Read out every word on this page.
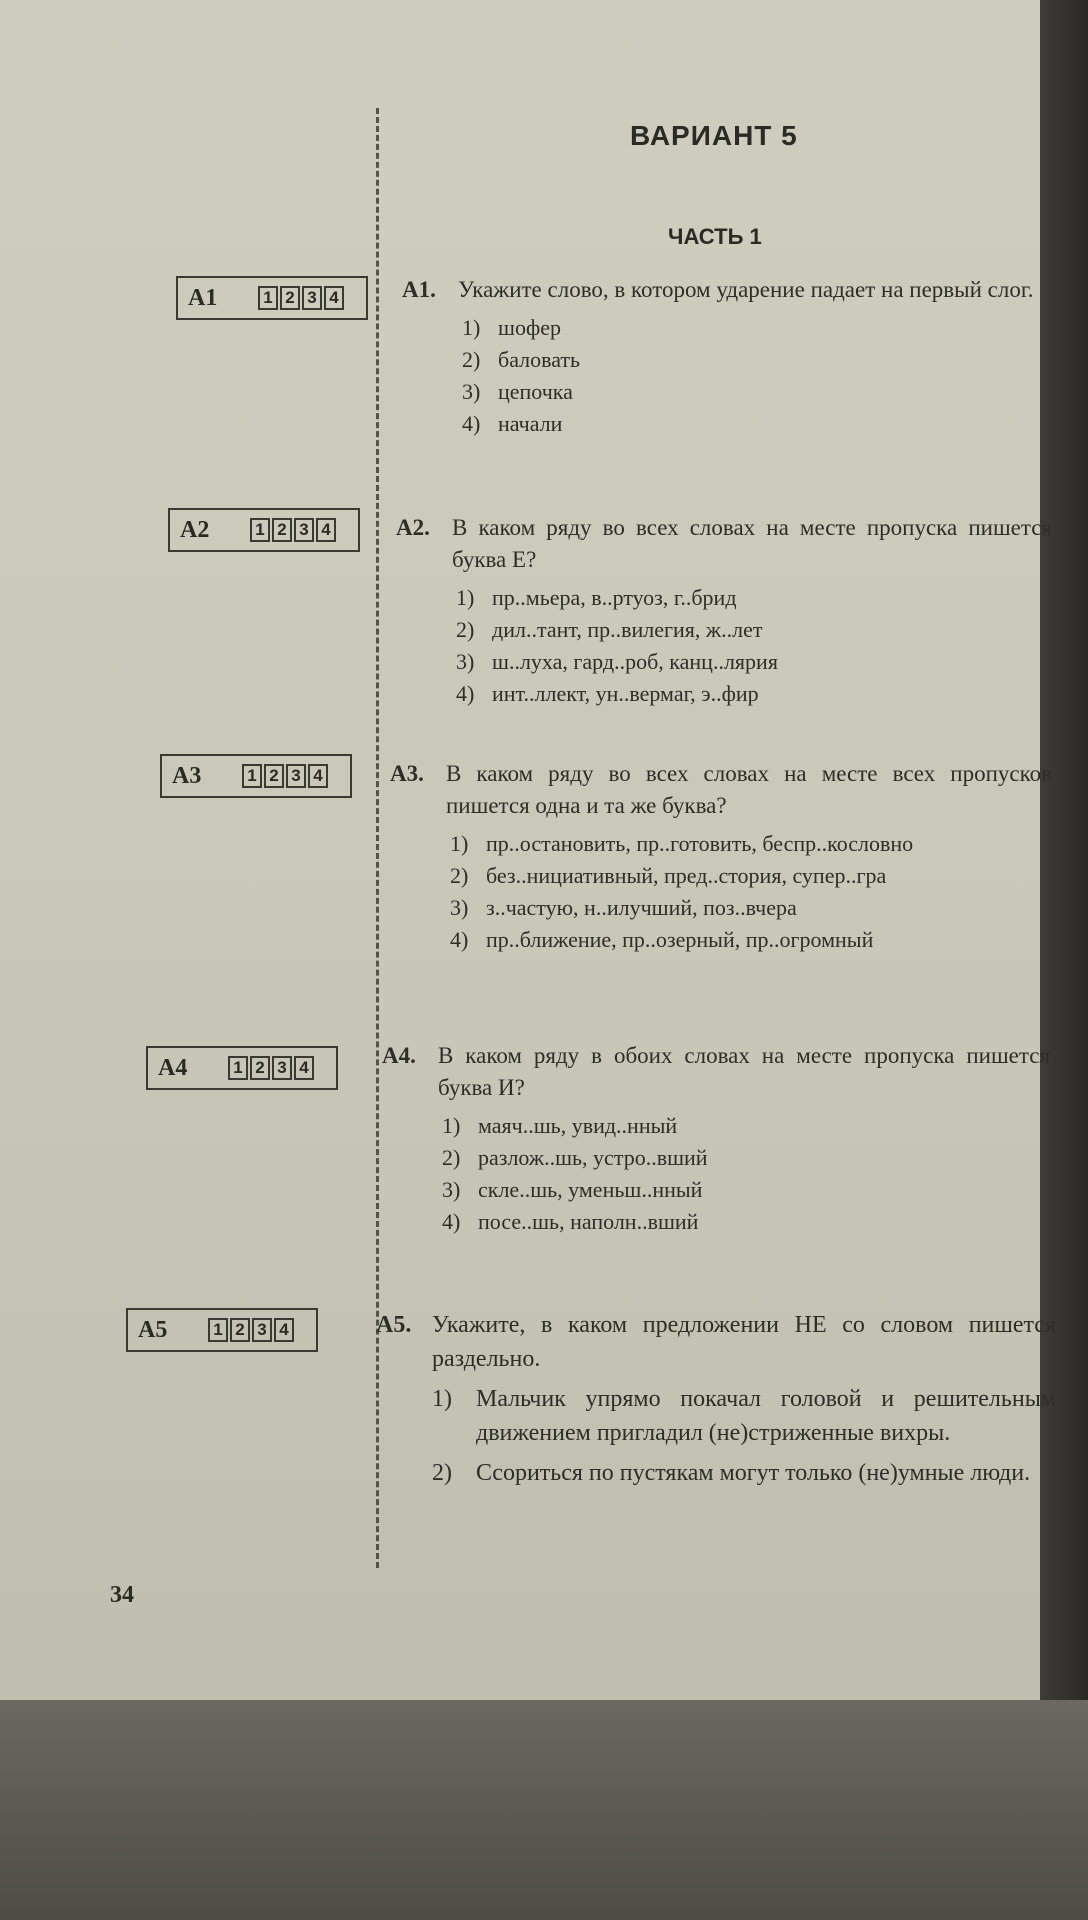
ВАРИАНТ 5
ЧАСТЬ 1
А1	1 2 3 4
А2	1 2 3 4
А3	1 2 3 4
А4	1 2 3 4
А5	1 2 3 4
А1. Укажите слово, в котором ударение падает на первый слог.
1) шофер
2) баловать
3) цепочка
4) начали
А2. В каком ряду во всех словах на месте пропуска пишется буква Е?
1) пр..мьера, в..ртуоз, г..брид
2) дил..тант, пр..вилегия, ж..лет
3) ш..луха, гард..роб, канц..лярия
4) инт..ллект, ун..вермаг, э..фир
А3. В каком ряду во всех словах на месте всех пропусков пишется одна и та же буква?
1) пр..остановить, пр..готовить, беспр..кословно
2) без..нициативный, пред..стория, супер..гра
3) з..частую, н..илучший, поз..вчера
4) пр..ближение, пр..озерный, пр..огромный
А4. В каком ряду в обоих словах на месте пропуска пишется буква И?
1) маяч..шь, увид..нный
2) разлож..шь, устро..вший
3) скле..шь, уменьш..нный
4) посе..шь, наполн..вший
А5. Укажите, в каком предложении НЕ со словом пишется раздельно.
1)	Мальчик упрямо покачал головой и решительным движением пригладил (не)стриженные вихры.
2)	Ссориться по пустякам могут только (не)умные люди.
34
